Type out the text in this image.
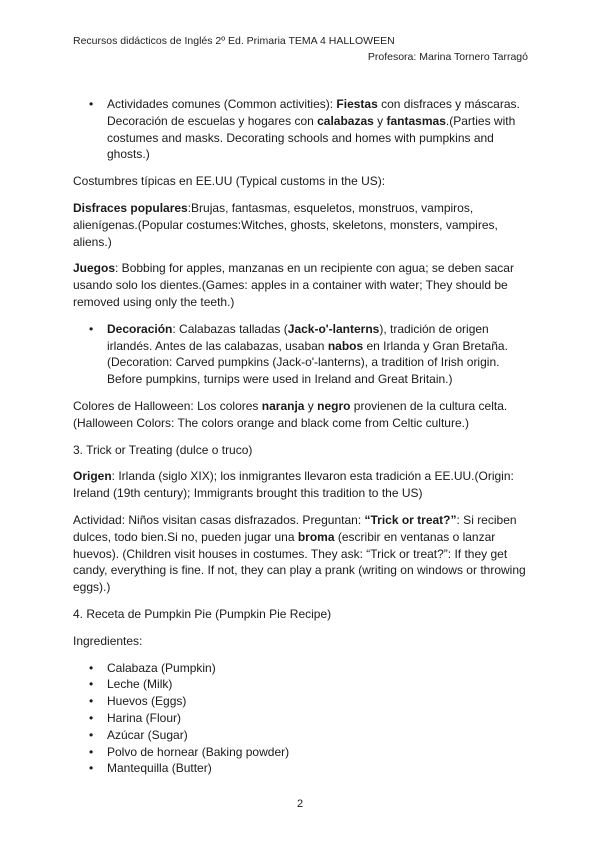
Recursos didácticos de Inglés 2º Ed. Primaria TEMA 4 HALLOWEEN
Profesora: Marina Tornero Tarragó
• Actividades comunes (Common activities): Fiestas con disfraces y máscaras. Decoración de escuelas y hogares con calabazas y fantasmas.(Parties with costumes and masks. Decorating schools and homes with pumpkins and ghosts.)

Costumbres típicas en EE.UU (Typical customs in the US):

Disfraces populares:Brujas, fantasmas, esqueletos, monstruos, vampiros, alienígenas.(Popular costumes:Witches, ghosts, skeletons, monsters, vampires, aliens.)

Juegos: Bobbing for apples, manzanas en un recipiente con agua; se deben sacar usando solo los dientes.(Games: apples in a container with water; They should be removed using only the teeth.)

• Decoración: Calabazas talladas (Jack-o'-lanterns), tradición de origen irlandés. Antes de las calabazas, usaban nabos en Irlanda y Gran Bretaña.(Decoration: Carved pumpkins (Jack-o'-lanterns), a tradition of Irish origin. Before pumpkins, turnips were used in Ireland and Great Britain.)

Colores de Halloween: Los colores naranja y negro provienen de la cultura celta.(Halloween Colors: The colors orange and black come from Celtic culture.)

3. Trick or Treating (dulce o truco)

Origen: Irlanda (siglo XIX); los inmigrantes llevaron esta tradición a EE.UU.(Origin: Ireland (19th century); Immigrants brought this tradition to the US)

Actividad: Niños visitan casas disfrazados. Preguntan: “Trick or treat?”: Si reciben dulces, todo bien.Si no, pueden jugar una broma (escribir en ventanas o lanzar huevos). (Children visit houses in costumes. They ask: “Trick or treat?”: If they get candy, everything is fine. If not, they can play a prank (writing on windows or throwing eggs).)

4. Receta de Pumpkin Pie (Pumpkin Pie Recipe)

Ingredientes:

• Calabaza (Pumpkin)
• Leche (Milk)
• Huevos (Eggs)
• Harina (Flour)
• Azúcar (Sugar)
• Polvo de hornear (Baking powder)
• Mantequilla (Butter)
2
